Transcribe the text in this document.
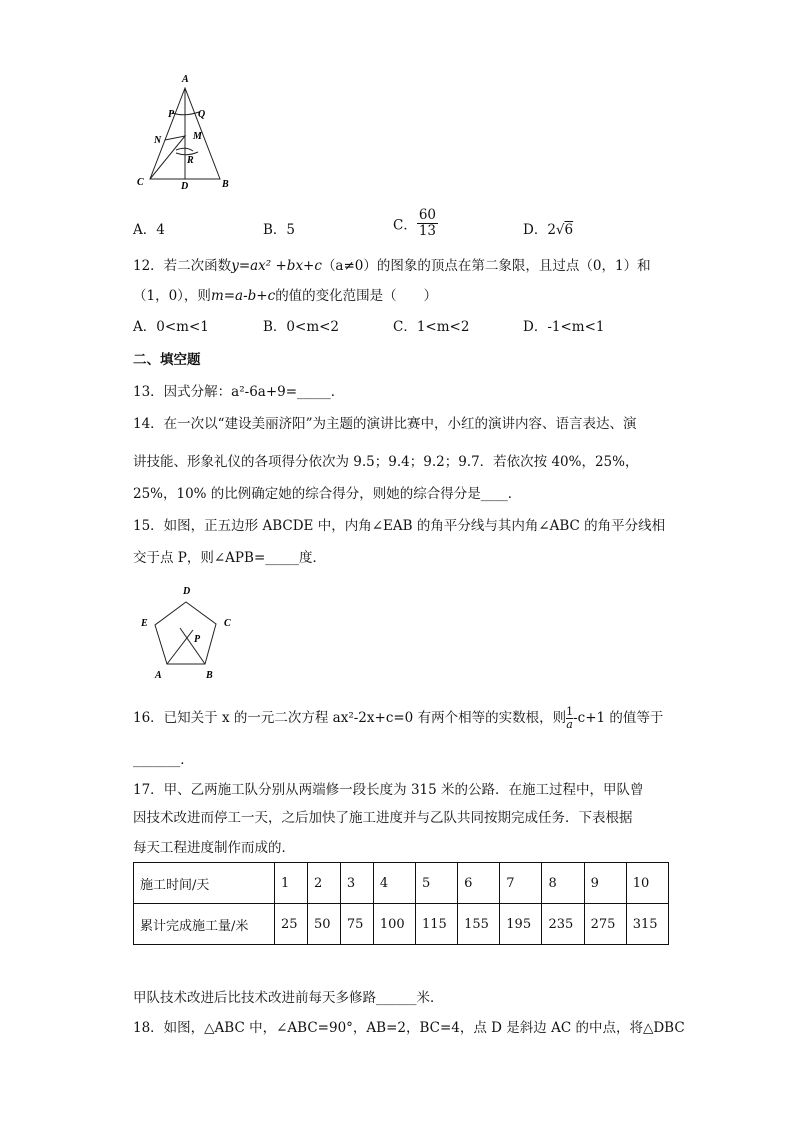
A
P Q
N	M
R
C	D	B
A．4	B．5	C． $\frac{60}{13}$	D．2√6
12．若二次函数y=ax² +bx+c（a≠0）的图象的顶点在第二象限，且过点（0，1）和
（1，0），则m=a-b+c的值的变化范围是（　　）
A．0<m<1	B．0<m<2	C．1<m<2	D．-1<m<1
二、填空题
13．因式分解：a²-6a+9=_____．
14．在一次以“建设美丽济阳”为主题的演讲比赛中，小红的演讲内容、语言表达、演
讲技能、形象礼仪的各项得分依次为 9.5；9.4；9.2；9.7．若依次按 40%，25%，
25%，10% 的比例确定她的综合得分，则她的综合得分是____．
15．如图，正五边形 ABCDE 中，内角∠EAB 的角平分线与其内角∠ABC 的角平分线相
交于点 P，则∠APB=_____度．
D
E	C
P
A	B
16．已知关于 x 的一元二次方程 ax²-2x+c=0 有两个相等的实数根，则 $\frac{1}{a} -c+1$ 的值等于
_______．
17．甲、乙两施工队分别从两端修一段长度为 315 米的公路．在施工过程中，甲队曾
因技术改进而停工一天，之后加快了施工进度并与乙队共同按期完成任务．下表根据
每天工程进度制作而成的．
施工时间/天	1	2	3	4	5	6	7	8	9	10
累计完成施工量/米	25	50	75	100	115	155	195	235	275	315
甲队技术改进后比技术改进前每天多修路______米．
18．如图，△ABC 中，∠ABC=90°，AB=2，BC=4，点 D 是斜边 AC 的中点，将△DBC
